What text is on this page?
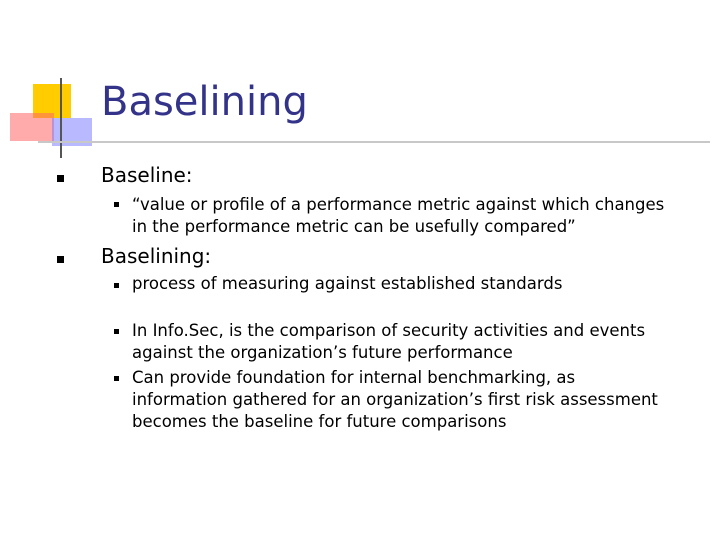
Baselining
Baseline:
“value or profile of a performance metric against which changes
in the performance metric can be usefully compared”
Baselining:
process of measuring against established standards
In Info.Sec, is the comparison of security activities and events
against the organization’s future performance
Can provide foundation for internal benchmarking, as
information gathered for an organization’s first risk assessment
becomes the baseline for future comparisons
